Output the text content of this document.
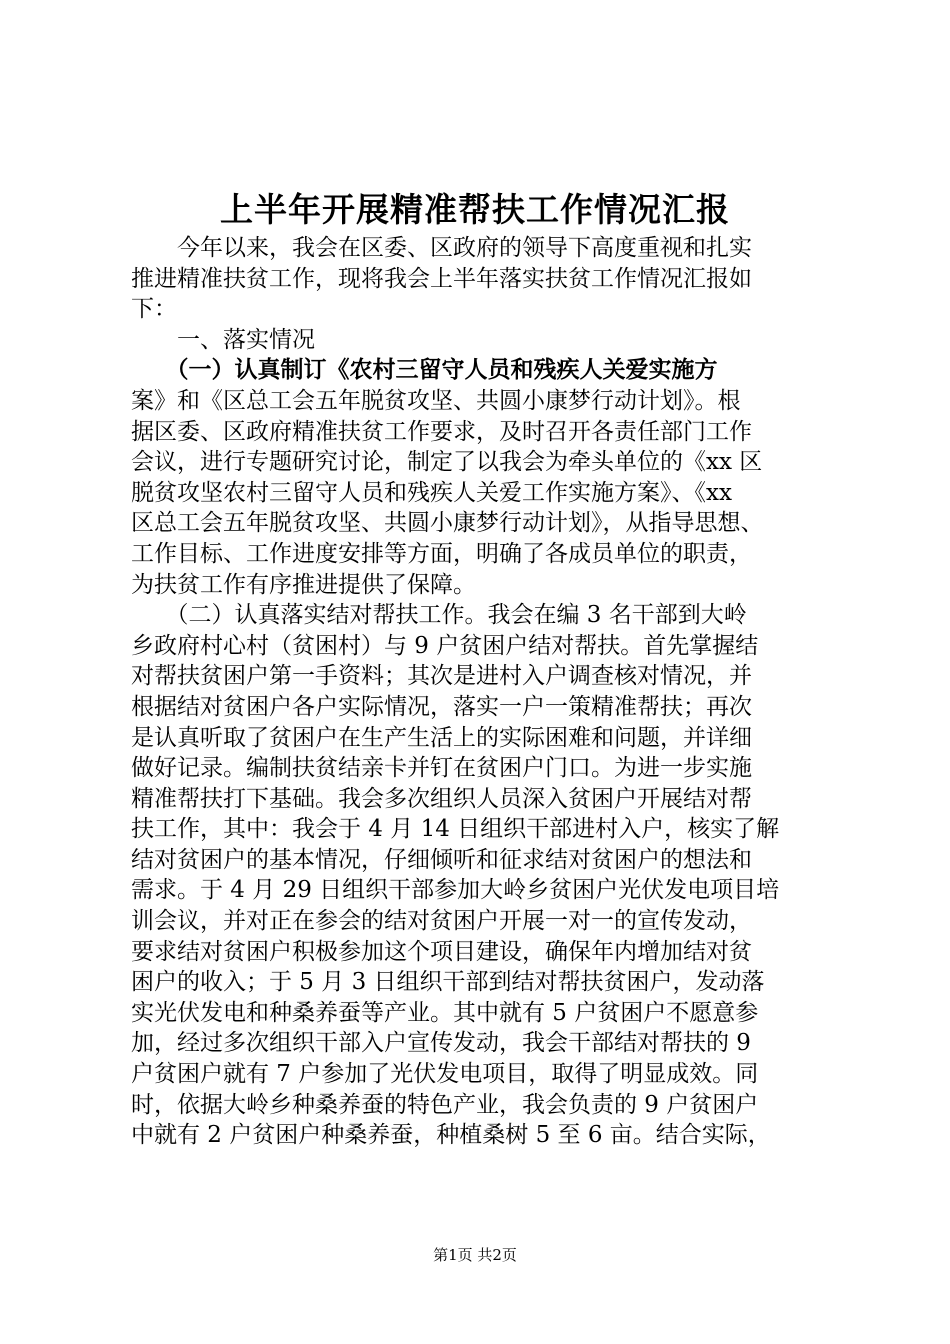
上半年开展精准帮扶工作情况汇报
　　今年以来，我会在区委、区政府的领导下高度重视和扎实
推进精准扶贫工作，现将我会上半年落实扶贫工作情况汇报如
下：
　　一、落实情况
　　（一）认真制订《农村三留守人员和残疾人关爱实施方
案》和《区总工会五年脱贫攻坚、共圆小康梦行动计划》。根
据区委、区政府精准扶贫工作要求，及时召开各责任部门工作
会议，进行专题研究讨论，制定了以我会为牵头单位的《xx 区
脱贫攻坚农村三留守人员和残疾人关爱工作实施方案》、《xx
区总工会五年脱贫攻坚、共圆小康梦行动计划》，从指导思想、
工作目标、工作进度安排等方面，明确了各成员单位的职责，
为扶贫工作有序推进提供了保障。
　　（二）认真落实结对帮扶工作。我会在编 3 名干部到大岭
乡政府村心村（贫困村）与 9 户贫困户结对帮扶。首先掌握结
对帮扶贫困户第一手资料；其次是进村入户调查核对情况，并
根据结对贫困户各户实际情况，落实一户一策精准帮扶；再次
是认真听取了贫困户在生产生活上的实际困难和问题，并详细
做好记录。编制扶贫结亲卡并钉在贫困户门口。为进一步实施
精准帮扶打下基础。我会多次组织人员深入贫困户开展结对帮
扶工作，其中：我会于 4 月 14 日组织干部进村入户，核实了解
结对贫困户的基本情况，仔细倾听和征求结对贫困户的想法和
需求。于 4 月 29 日组织干部参加大岭乡贫困户光伏发电项目培
训会议，并对正在参会的结对贫困户开展一对一的宣传发动，
要求结对贫困户积极参加这个项目建设，确保年内增加结对贫
困户的收入；于 5 月 3 日组织干部到结对帮扶贫困户，发动落
实光伏发电和种桑养蚕等产业。其中就有 5 户贫困户不愿意参
加，经过多次组织干部入户宣传发动，我会干部结对帮扶的 9
户贫困户就有 7 户参加了光伏发电项目，取得了明显成效。同
时，依据大岭乡种桑养蚕的特色产业，我会负责的 9 户贫困户
中就有 2 户贫困户种桑养蚕，种植桑树 5 至 6 亩。结合实际，
第1页 共2页
